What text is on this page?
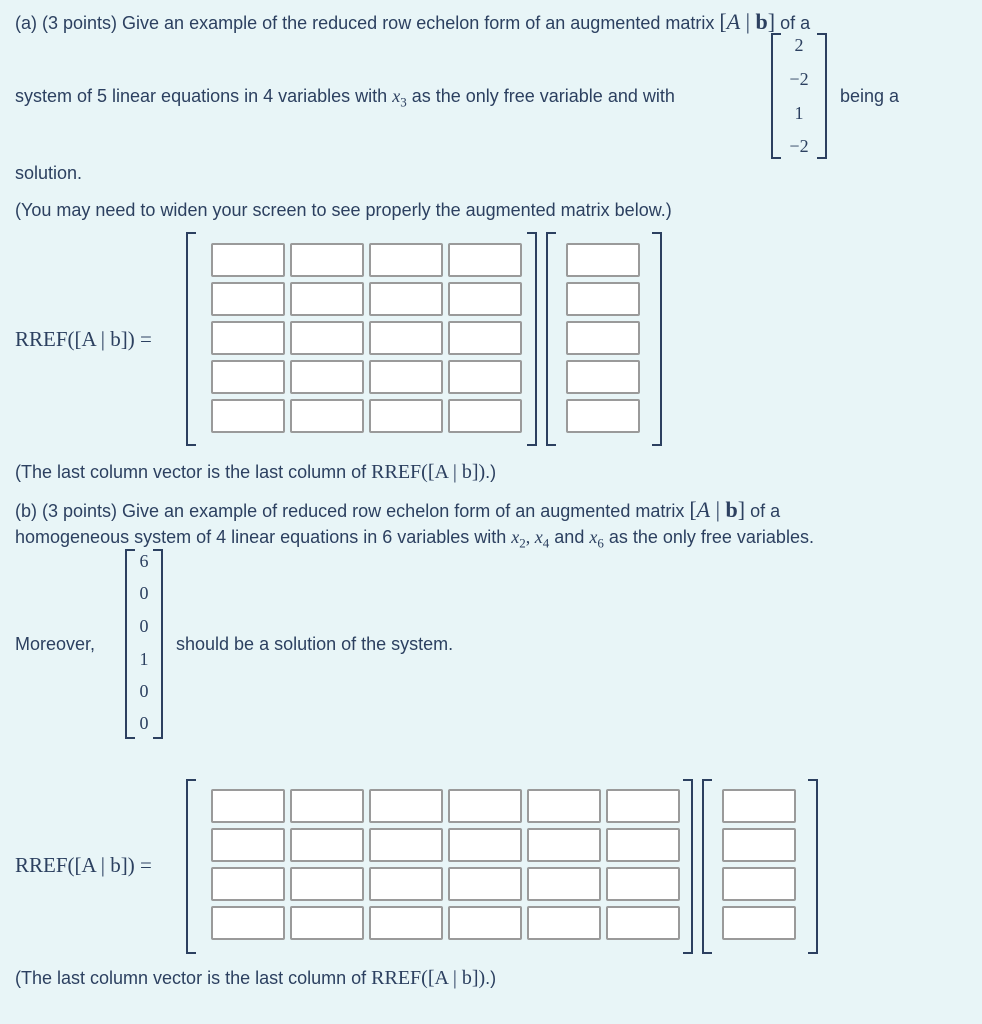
(a) (3 points) Give an example of the reduced row echelon form of an augmented matrix [A | b] of a
system of 5 linear equations in 4 variables with $x_3$ as the only free variable and with
2
−2
1
−2
being a
solution.
(You may need to widen your screen to see properly the augmented matrix below.)
RREF([A | b]) =
(The last column vector is the last column of RREF([A | b]).)
(b) (3 points) Give an example of reduced row echelon form of an augmented matrix [A | b] of a
homogeneous system of 4 linear equations in 6 variables with $x_2$, $x_4$ and $x_6$ as the only free variables.
Moreover,
6
0
0
1
0
0
should be a solution of the system.
RREF([A | b]) =
(The last column vector is the last column of RREF([A | b]).)
